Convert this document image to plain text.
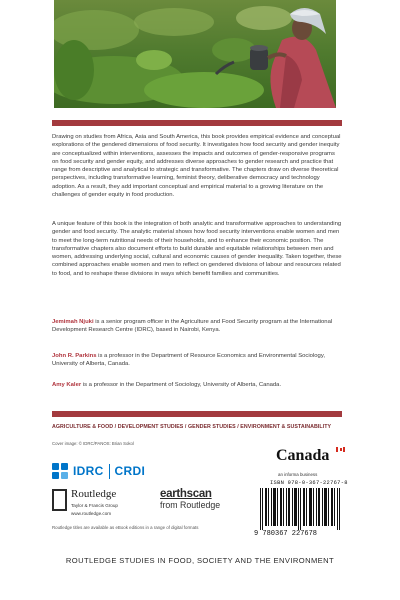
Drawing on studies from Africa, Asia and South America, this book provides empirical evidence and conceptual explorations of the gendered dimensions of food security. It investigates how food security and gender inequity are conceptualized within interventions, assesses the impacts and outcomes of gender-responsive programs on food security and gender equity, and addresses diverse approaches to gender research and practice that range from descriptive and analytical to strategic and transformative. The chapters draw on diverse theoretical perspectives, including transformative learning, feminist theory, deliberative democracy and technology adoption. As a result, they add important conceptual and empirical material to a growing literature on the challenges of gender equity in food production.

A unique feature of this book is the integration of both analytic and transformative approaches to understanding gender and food security. The analytic material shows how food security interventions enable women and men to meet the long-term nutritional needs of their households, and to enhance their economic position. The transformative chapters also document efforts to build durable and equitable relationships between men and women, addressing underlying social, cultural and economic causes of gender inequality. Taken together, these combined approaches enable women and men to reflect on gendered divisions of labour and resources related to food, and to reshape these divisions in ways which benefit families and communities.

Jemimah Njuki is a senior program officer in the Agriculture and Food Security program at the International Development Research Centre (IDRC), based in Nairobi, Kenya.

John R. Parkins is a professor in the Department of Resource Economics and Environmental Sociology, University of Alberta, Canada.

Amy Kaler is a professor in the Department of Sociology, University of Alberta, Canada.

AGRICULTURE & FOOD / DEVELOPMENT STUDIES / GENDER STUDIES / ENVIRONMENT & SUSTAINABILITY
Cover image: © IDRC/PANOS: Brian Sokol
IDRC CRDI
Canada
an informa business
Routledge
Taylor & Francis Group
www.routledge.com
earthscan
from Routledge
Routledge titles are available as eBook editions in a range of digital formats
ISBN 978-0-367-22767-8
9 780367 227678
ROUTLEDGE STUDIES IN FOOD, SOCIETY AND THE ENVIRONMENT
